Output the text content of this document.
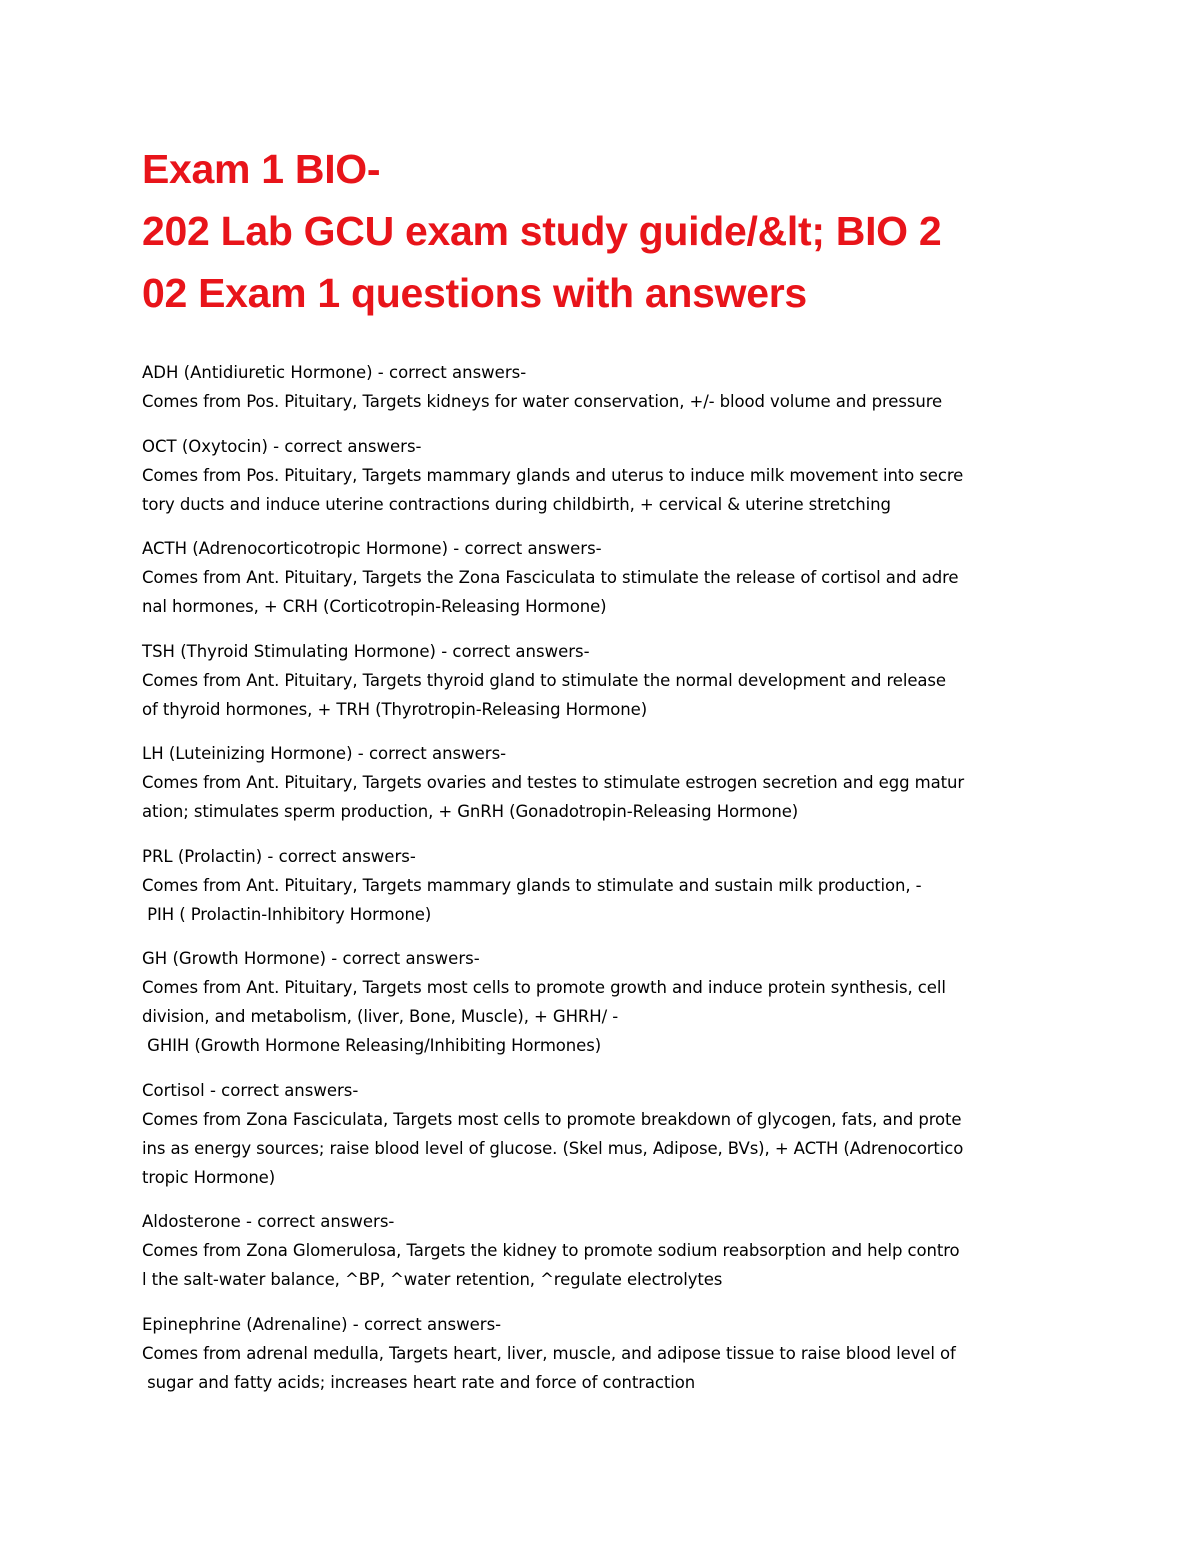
Exam 1 BIO-
202 Lab GCU exam study guide/&lt; BIO 2
02 Exam 1 questions with answers
ADH (Antidiuretic Hormone) - correct answers-
Comes from Pos. Pituitary, Targets kidneys for water conservation, +/- blood volume and pressure
OCT (Oxytocin) - correct answers-
Comes from Pos. Pituitary, Targets mammary glands and uterus to induce milk movement into secre
tory ducts and induce uterine contractions during childbirth, + cervical & uterine stretching
ACTH (Adrenocorticotropic Hormone) - correct answers-
Comes from Ant. Pituitary, Targets the Zona Fasciculata to stimulate the release of cortisol and adre
nal hormones, + CRH (Corticotropin-Releasing Hormone)
TSH (Thyroid Stimulating Hormone) - correct answers-
Comes from Ant. Pituitary, Targets thyroid gland to stimulate the normal development and release
of thyroid hormones, + TRH (Thyrotropin-Releasing Hormone)
LH (Luteinizing Hormone) - correct answers-
Comes from Ant. Pituitary, Targets ovaries and testes to stimulate estrogen secretion and egg matur
ation; stimulates sperm production, + GnRH (Gonadotropin-Releasing Hormone)
PRL (Prolactin) - correct answers-
Comes from Ant. Pituitary, Targets mammary glands to stimulate and sustain milk production, -
PIH ( Prolactin-Inhibitory Hormone)
GH (Growth Hormone) - correct answers-
Comes from Ant. Pituitary, Targets most cells to promote growth and induce protein synthesis, cell
division, and metabolism, (liver, Bone, Muscle), + GHRH/ -
GHIH (Growth Hormone Releasing/Inhibiting Hormones)
Cortisol - correct answers-
Comes from Zona Fasciculata, Targets most cells to promote breakdown of glycogen, fats, and prote
ins as energy sources; raise blood level of glucose. (Skel mus, Adipose, BVs), + ACTH (Adrenocortico
tropic Hormone)
Aldosterone - correct answers-
Comes from Zona Glomerulosa, Targets the kidney to promote sodium reabsorption and help contro
l the salt-water balance, ^BP, ^water retention, ^regulate electrolytes
Epinephrine (Adrenaline) - correct answers-
Comes from adrenal medulla, Targets heart, liver, muscle, and adipose tissue to raise blood level of
sugar and fatty acids; increases heart rate and force of contraction
